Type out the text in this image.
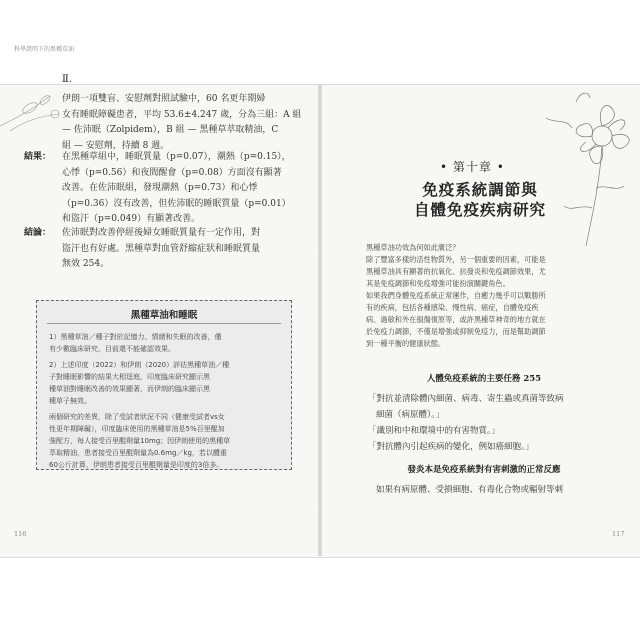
科學證明下的黑種草油
Ⅱ.
伊朗一項雙盲、安慰劑對照試驗中，60 名更年期婦
女有睡眠障礙患者，平均 53.6±4.247 歲，分為三組：A 組
— 佐沛眠（Zolpidem），B 組 — 黑種草萃取精油，C
組 — 安慰劑，持續 8 週。
結果：	在黑種草組中，睡眠質量（p=0.07），潮熱（p=0.15），
心悸（p=0.56）和夜間醒會（p=0.08）方面沒有顯著
改善。在佐沛眠組，發現潮熱（p=0.73）和心悸
（p=0.36）沒有改善，但佐沛眠的睡眠質量（p=0.01）
和盜汗（p=0.049）有顯著改善。
結論：	佐沛眠對改善停經後婦女睡眠質量有一定作用，對
盜汗也有好處。黑種草對血管舒縮症狀和睡眠質量
無效 254。
黑種草油和睡眠
1）黑種草油／種子對於記憶力、情緒和失眠的改善，僅
有少數臨床研究，目前還不能確認效果。
2）上述印度（2022）和伊朗（2020）評估黑種草油／種
子對睡眠影響的結果大相逕庭，印度臨床研究顯示黑
種草油對睡眠改善的效果顯著，而伊朗的臨床顯示黑
種草子無效。
兩個研究的差異，除了受試者狀況不同（健康受試者vs女
性更年期障礙），印度臨床使用的黑種草油是5%百里醌加
強配方，每人接受百里醌劑量10mg；因伊朗使用的黑種草
萃取精油，患者接受百里醌劑量為0.6mg／kg，若以體重
60公斤計算，伊朗患者接受百里醌劑量是印度的3倍多。
116
• 第十章 •
免疫系統調節與
自體免疫疾病研究
黑種草油功效為何如此廣泛？
除了豐富多樣的活性物質外，另一個重要的因素，可能是
黑種草油具有顯著的抗氧化、抗發炎和免疫調節效果，尤
其是免疫調節和免疫增強可能扮演關鍵角色。
如果我們身體免疫系統正常運作，自癒力幾乎可以戰勝所
有的疾病，包括各種感染、慢性病、癌症，自體免疫疾
病、過敏和外在損傷復原等，或許黑種草神奇的地方就在
於免疫力調節，不僅是增強或抑制免疫力，而是幫助調節
到一種平衡的健康狀態。
人體免疫系統的主要任務 255
「對抗並清除體內細菌、病毒、寄生蟲或真菌等致病
細菌（病原體）。」
「識別和中和環境中的有害物質。」
「對抗體內引起疾病的變化，例如癌細胞。」
發炎本是免疫系統對有害刺激的正常反應
如果有病原體、受損細胞、有毒化合物或輻射等刺
117
